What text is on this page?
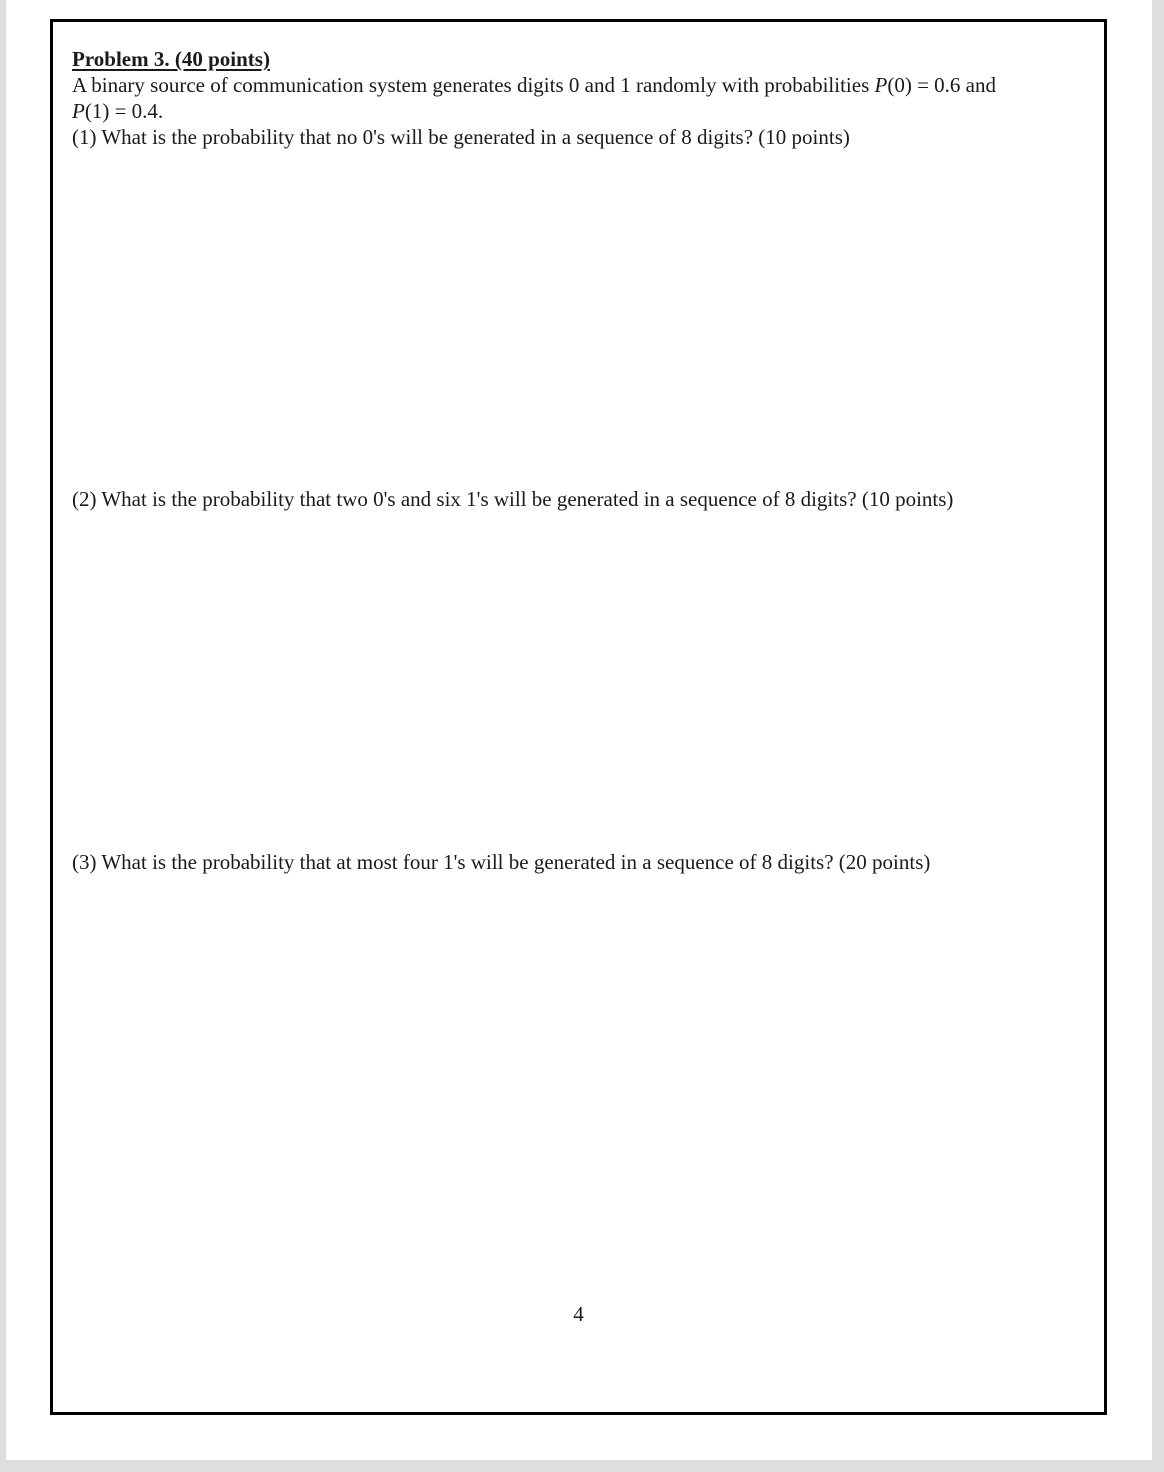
Problem 3. (40 points)
A binary source of communication system generates digits 0 and 1 randomly with probabilities P(0) = 0.6 and
P(1) = 0.4.
(1) What is the probability that no 0's will be generated in a sequence of 8 digits? (10 points)
(2) What is the probability that two 0's and six 1's will be generated in a sequence of 8 digits? (10 points)
(3) What is the probability that at most four 1's will be generated in a sequence of 8 digits? (20 points)
4
